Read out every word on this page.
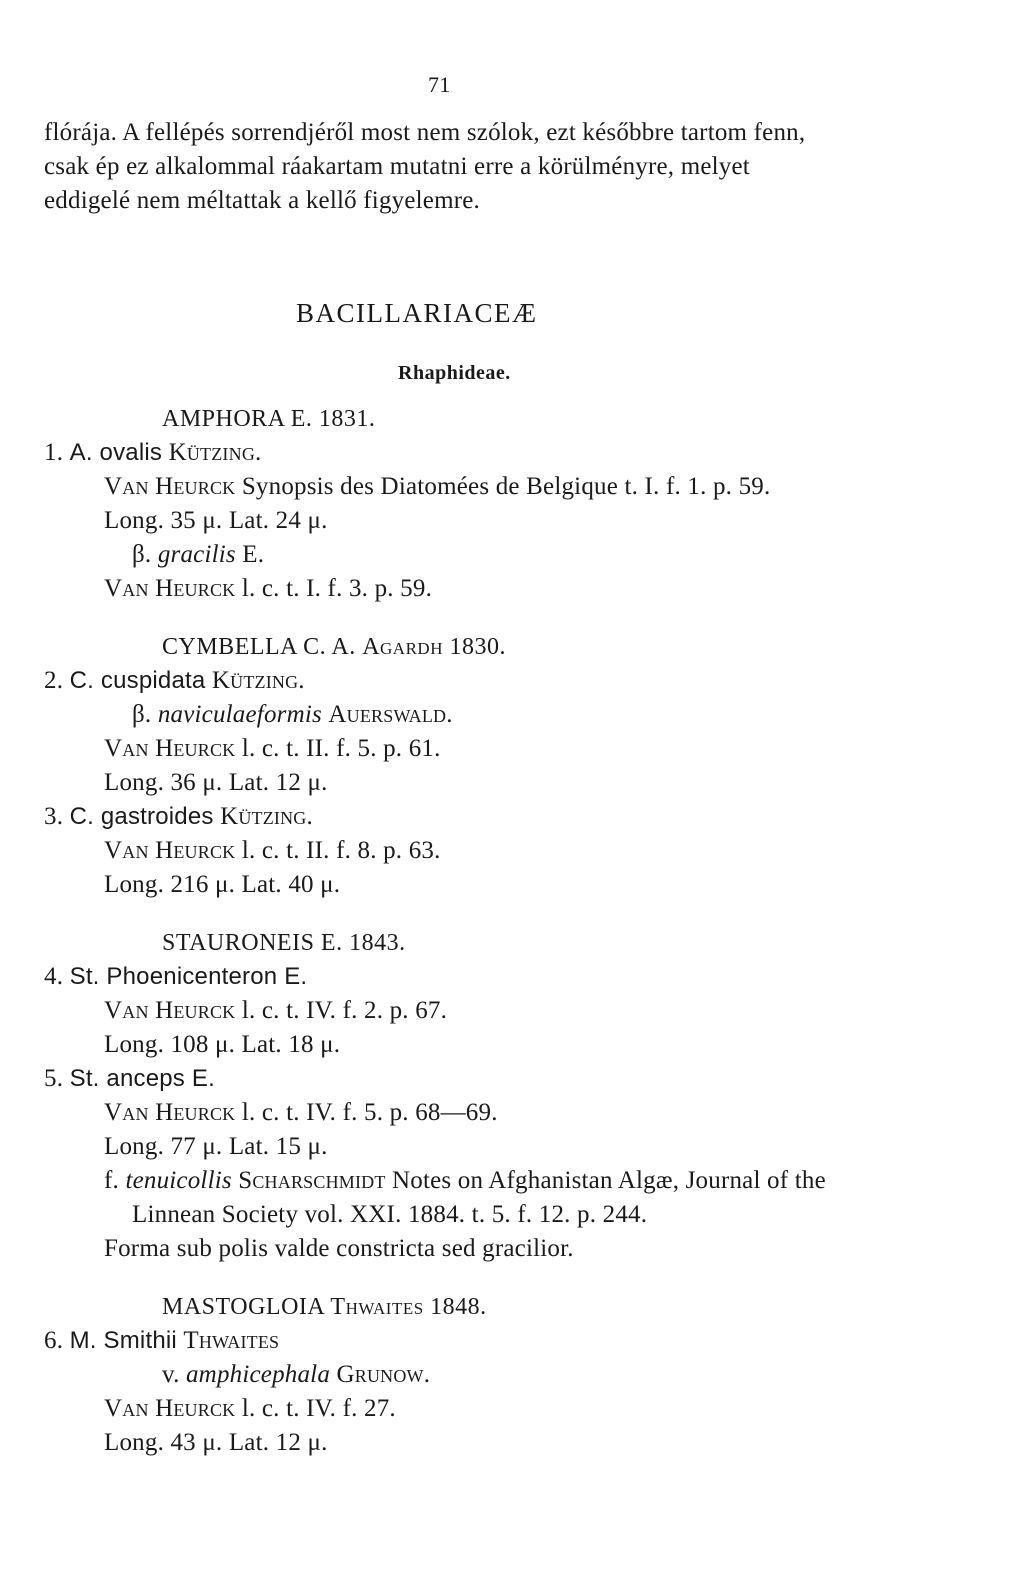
71
flórája. A fellépés sorrendjéről most nem szólok, ezt későbbre tartom fenn,
csak ép ez alkalommal ráakartam mutatni erre a körülményre, melyet
eddigelé nem méltattak a kellő figyelemre.
BACILLARIACEÆ
Rhaphideae.
AMPHORA E. 1831.
1. A. ovalis Kützing.
Van Heurck Synopsis des Diatomées de Belgique t. I. f. 1. p. 59.
Long. 35 μ. Lat. 24 μ.
β. gracilis E.
Van Heurck l. c. t. I. f. 3. p. 59.
CYMBELLA C. A. Agardh 1830.
2. C. cuspidata Kützing.
β. naviculaeformis Auerswald.
Van Heurck l. c. t. II. f. 5. p. 61.
Long. 36 μ. Lat. 12 μ.
3. C. gastroides Kützing.
Van Heurck l. c. t. II. f. 8. p. 63.
Long. 216 μ. Lat. 40 μ.
STAURONEIS E. 1843.
4. St. Phoenicenteron E.
Van Heurck l. c. t. IV. f. 2. p. 67.
Long. 108 μ. Lat. 18 μ.
5. St. anceps E.
Van Heurck l. c. t. IV. f. 5. p. 68—69.
Long. 77 μ. Lat. 15 μ.
f. tenuicollis Scharschmidt Notes on Afghanistan Algæ, Journal of the
Linnean Society vol. XXI. 1884. t. 5. f. 12. p. 244.
Forma sub polis valde constricta sed gracilior.
MASTOGLOIA Thwaites 1848.
6. M. Smithii Thwaites
v. amphicephala Grunow.
Van Heurck l. c. t. IV. f. 27.
Long. 43 μ. Lat. 12 μ.
